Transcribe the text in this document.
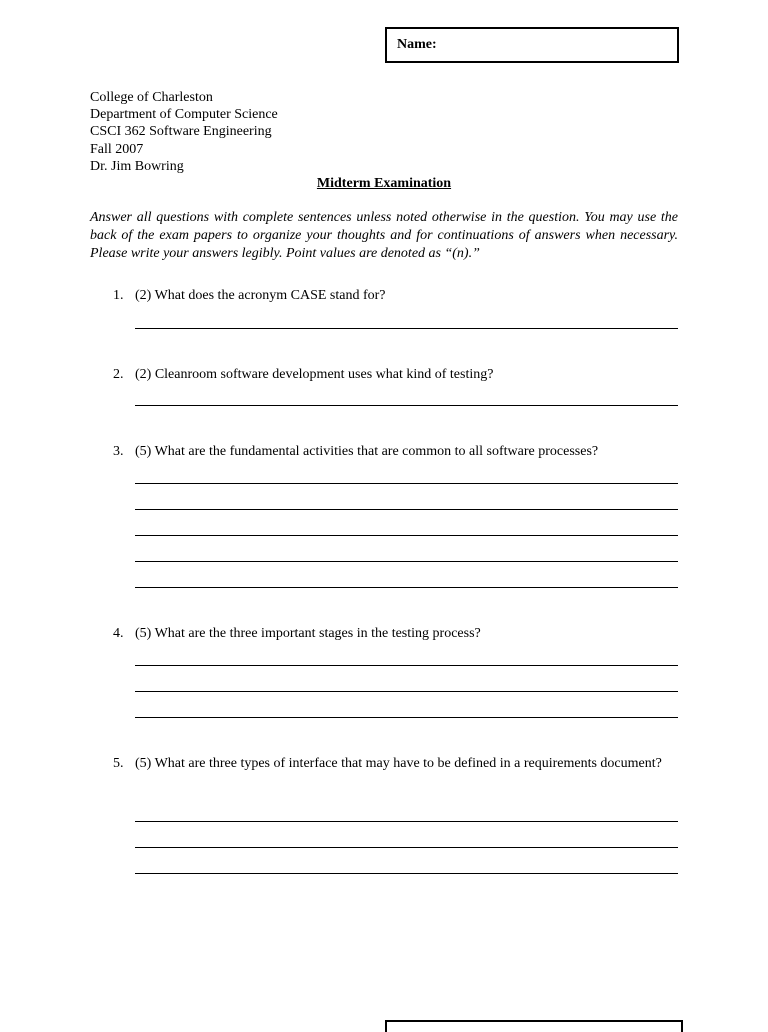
Name:
College of Charleston
Department of Computer Science
CSCI 362 Software Engineering
Fall 2007
Dr. Jim Bowring
Midterm Examination
Answer all questions with complete sentences unless noted otherwise in the question. You may use the back of the exam papers to organize your thoughts and for continuations of answers when necessary. Please write your answers legibly. Point values are denoted as “(n).”
1. (2) What does the acronym CASE stand for?
2. (2) Cleanroom software development uses what kind of testing?
3. (5) What are the fundamental activities that are common to all software processes?
4. (5) What are the three important stages in the testing process?
5. (5) What are three types of interface that may have to be defined in a requirements document?
